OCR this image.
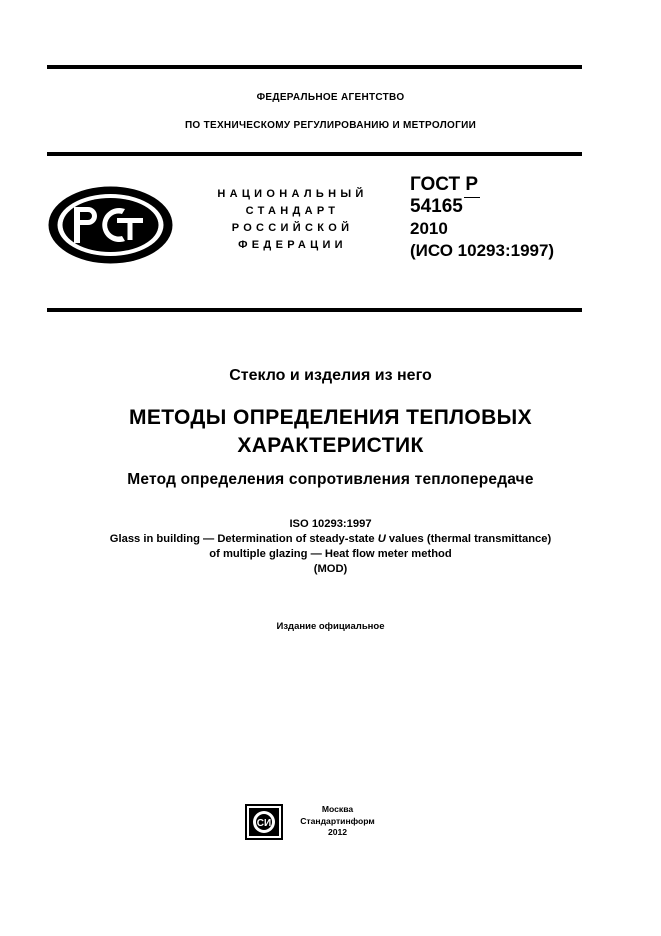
ФЕДЕРАЛЬНОЕ АГЕНТСТВО
ПО ТЕХНИЧЕСКОМУ РЕГУЛИРОВАНИЮ И МЕТРОЛОГИИ
НАЦИОНАЛЬНЫЙ
СТАНДАРТ
РОССИЙСКОЙ
ФЕДЕРАЦИИ
ГОСТ Р
54165
2010
(ИСО 10293:1997)
Стекло и изделия из него
МЕТОДЫ ОПРЕДЕЛЕНИЯ ТЕПЛОВЫХ
ХАРАКТЕРИСТИК
Метод определения сопротивления теплопередаче
ISO 10293:1997
Glass in building — Determination of steady-state U values (thermal transmittance)
of multiple glazing — Heat flow meter method
(MOD)
Издание официальное
СИ
Москва
Стандартинформ
2012
